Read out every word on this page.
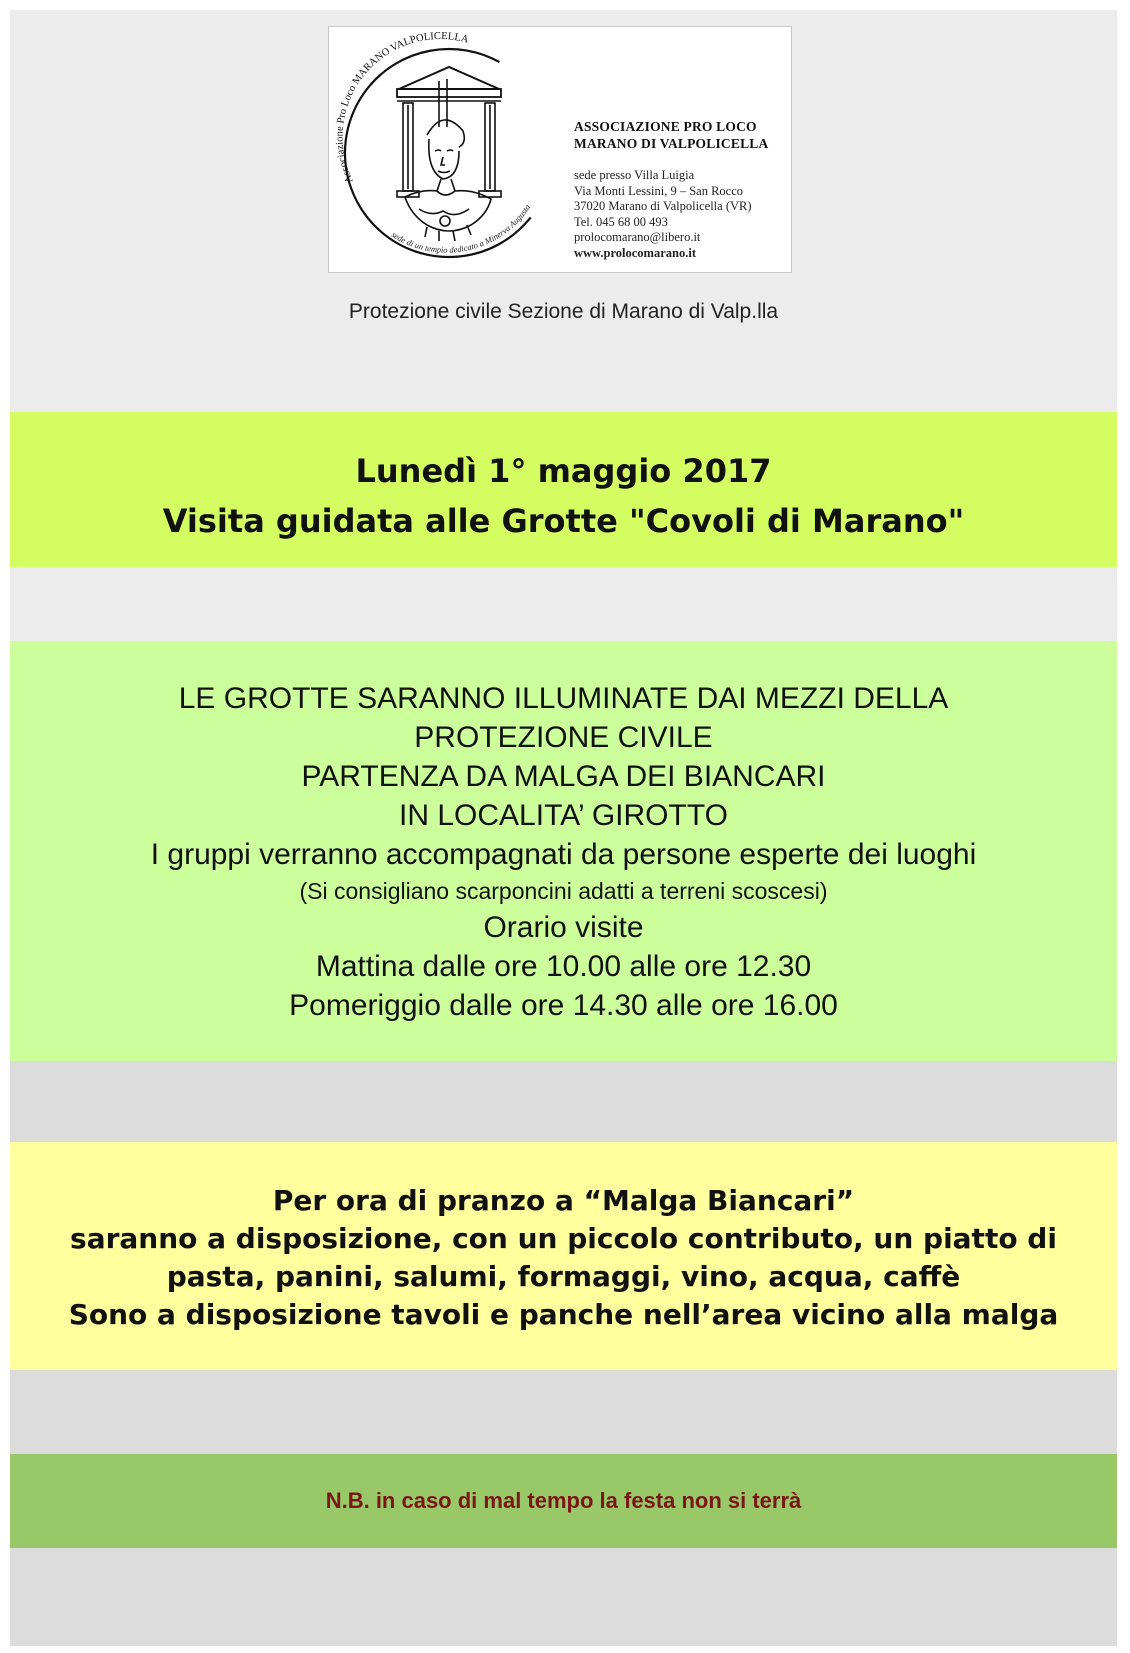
Associazione Pro Loco MARANO VALPOLICELLA
sede di un tempio dedicato a Minerva Augusta
ASSOCIAZIONE PRO LOCO
MARANO DI VALPOLICELLA
sede presso Villa Luigia
Via Monti Lessini, 9 – San Rocco
37020 Marano di Valpolicella (VR)
Tel. 045 68 00 493
prolocomarano@libero.it
www.prolocomarano.it
Protezione civile Sezione di Marano di Valp.lla
Lunedì 1° maggio 2017
Visita guidata alle Grotte "Covoli di Marano"
LE GROTTE SARANNO ILLUMINATE DAI MEZZI DELLA
PROTEZIONE CIVILE
PARTENZA DA MALGA DEI BIANCARI
IN LOCALITA’ GIROTTO
I gruppi verranno accompagnati da persone esperte dei luoghi
(Si consigliano scarponcini adatti a terreni scoscesi)
Orario visite
Mattina dalle ore 10.00 alle ore 12.30
Pomeriggio dalle ore 14.30 alle ore 16.00
Per ora di pranzo a “Malga Biancari”
saranno a disposizione, con un piccolo contributo, un piatto di
pasta, panini, salumi, formaggi, vino, acqua, caffè
Sono a disposizione tavoli e panche nell’area vicino alla malga
N.B. in caso di mal tempo la festa non si terrà
